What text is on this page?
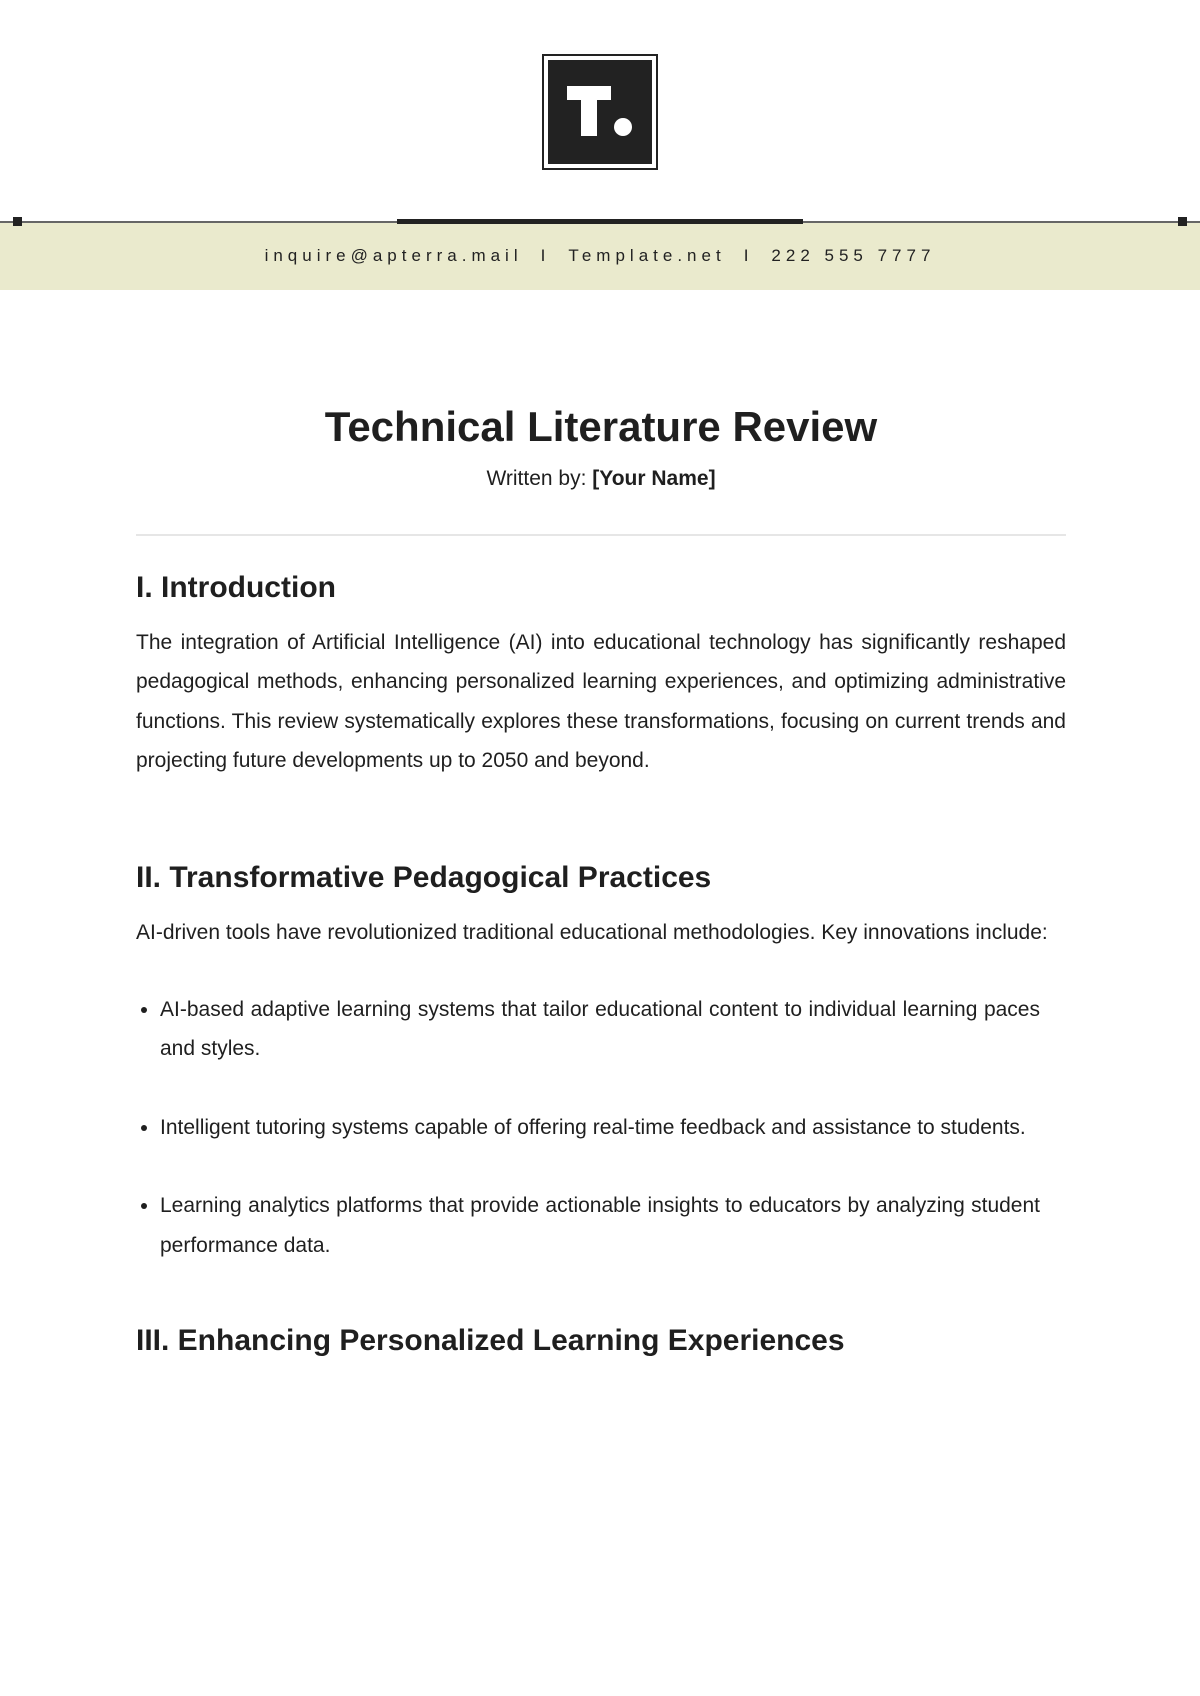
inquire@apterra.mail I Template.net I 222 555 7777
Technical Literature Review
Written by: [Your Name]
I. Introduction

The integration of Artificial Intelligence (AI) into educational technology has significantly reshaped pedagogical methods, enhancing personalized learning experiences, and optimizing administrative functions. This review systematically explores these transformations, focusing on current trends and projecting future developments up to 2050 and beyond.

II. Transformative Pedagogical Practices

AI-driven tools have revolutionized traditional educational methodologies. Key innovations include:

• AI-based adaptive learning systems that tailor educational content to individual learning paces and styles.
• Intelligent tutoring systems capable of offering real-time feedback and assistance to students.
• Learning analytics platforms that provide actionable insights to educators by analyzing student performance data.
III. Enhancing Personalized Learning Experiences
